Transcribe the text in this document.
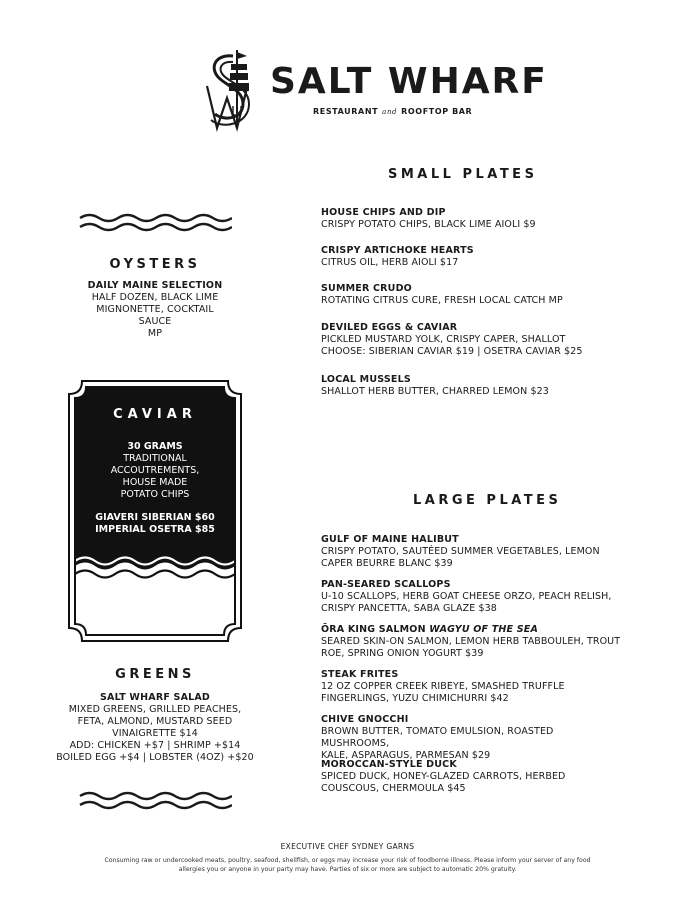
SALT WHARF
RESTAURANT and ROOFTOP BAR
SMALL PLATES
HOUSE CHIPS AND DIP
CRISPY POTATO CHIPS, BLACK LIME AIOLI $9
CRISPY ARTICHOKE HEARTS
CITRUS OIL, HERB AIOLI $17
SUMMER CRUDO
ROTATING CITRUS CURE, FRESH LOCAL CATCH MP
DEVILED EGGS & CAVIAR
PICKLED MUSTARD YOLK, CRISPY CAPER, SHALLOT
CHOOSE: SIBERIAN CAVIAR $19 | OSETRA CAVIAR $25
LOCAL MUSSELS
SHALLOT HERB BUTTER, CHARRED LEMON $23
LARGE PLATES
GULF OF MAINE HALIBUT
CRISPY POTATO, SAUTÉED SUMMER VEGETABLES, LEMON
CAPER BEURRE BLANC $39
PAN-SEARED SCALLOPS
U-10 SCALLOPS, HERB GOAT CHEESE ORZO, PEACH RELISH,
CRISPY PANCETTA, SABA GLAZE $38
ŌRA KING SALMON WAGYU OF THE SEA
SEARED SKIN-ON SALMON, LEMON HERB TABBOULEH, TROUT
ROE, SPRING ONION YOGURT $39
STEAK FRITES
12 OZ COPPER CREEK RIBEYE, SMASHED TRUFFLE
FINGERLINGS, YUZU CHIMICHURRI $42
CHIVE GNOCCHI
BROWN BUTTER, TOMATO EMULSION, ROASTED MUSHROOMS,
KALE, ASPARAGUS, PARMESAN $29
MOROCCAN-STYLE DUCK
SPICED DUCK, HONEY-GLAZED CARROTS, HERBED
COUSCOUS, CHERMOULA $45
OYSTERS
DAILY MAINE SELECTION
HALF DOZEN, BLACK LIME
MIGNONETTE, COCKTAIL
SAUCE
MP
CAVIAR
30 GRAMS
TRADITIONAL
ACCOUTREMENTS,
HOUSE MADE
POTATO CHIPS
GIAVERI SIBERIAN $60
IMPERIAL OSETRA $85
GREENS
SALT WHARF SALAD
MIXED GREENS, GRILLED PEACHES,
FETA, ALMOND, MUSTARD SEED
VINAIGRETTE $14
ADD: CHICKEN +$7 | SHRIMP +$14
BOILED EGG +$4 | LOBSTER (4OZ) +$20
EXECUTIVE CHEF SYDNEY GARNS
Consuming raw or undercooked meats, poultry, seafood, shellfish, or eggs may increase your risk of foodborne illness. Please inform your server of any food
allergies you or anyone in your party may have. Parties of six or more are subject to automatic 20% gratuity.
